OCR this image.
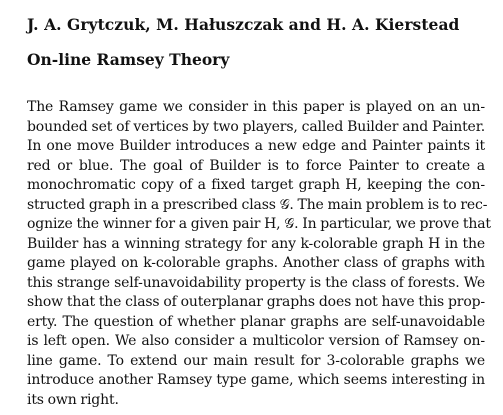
J. A. Grytczuk, M. Hałuszczak and H. A. Kierstead
On-line Ramsey Theory
The Ramsey game we consider in this paper is played on an un-
bounded set of vertices by two players, called Builder and Painter.
In one move Builder introduces a new edge and Painter paints it
red or blue. The goal of Builder is to force Painter to create a
monochromatic copy of a fixed target graph H, keeping the con-
structed graph in a prescribed class 𝒢. The main problem is to rec-
ognize the winner for a given pair H, 𝒢. In particular, we prove that
Builder has a winning strategy for any k-colorable graph H in the
game played on k-colorable graphs. Another class of graphs with
this strange self-unavoidability property is the class of forests. We
show that the class of outerplanar graphs does not have this prop-
erty. The question of whether planar graphs are self-unavoidable
is left open. We also consider a multicolor version of Ramsey on-
line game. To extend our main result for 3-colorable graphs we
introduce another Ramsey type game, which seems interesting in
its own right.
